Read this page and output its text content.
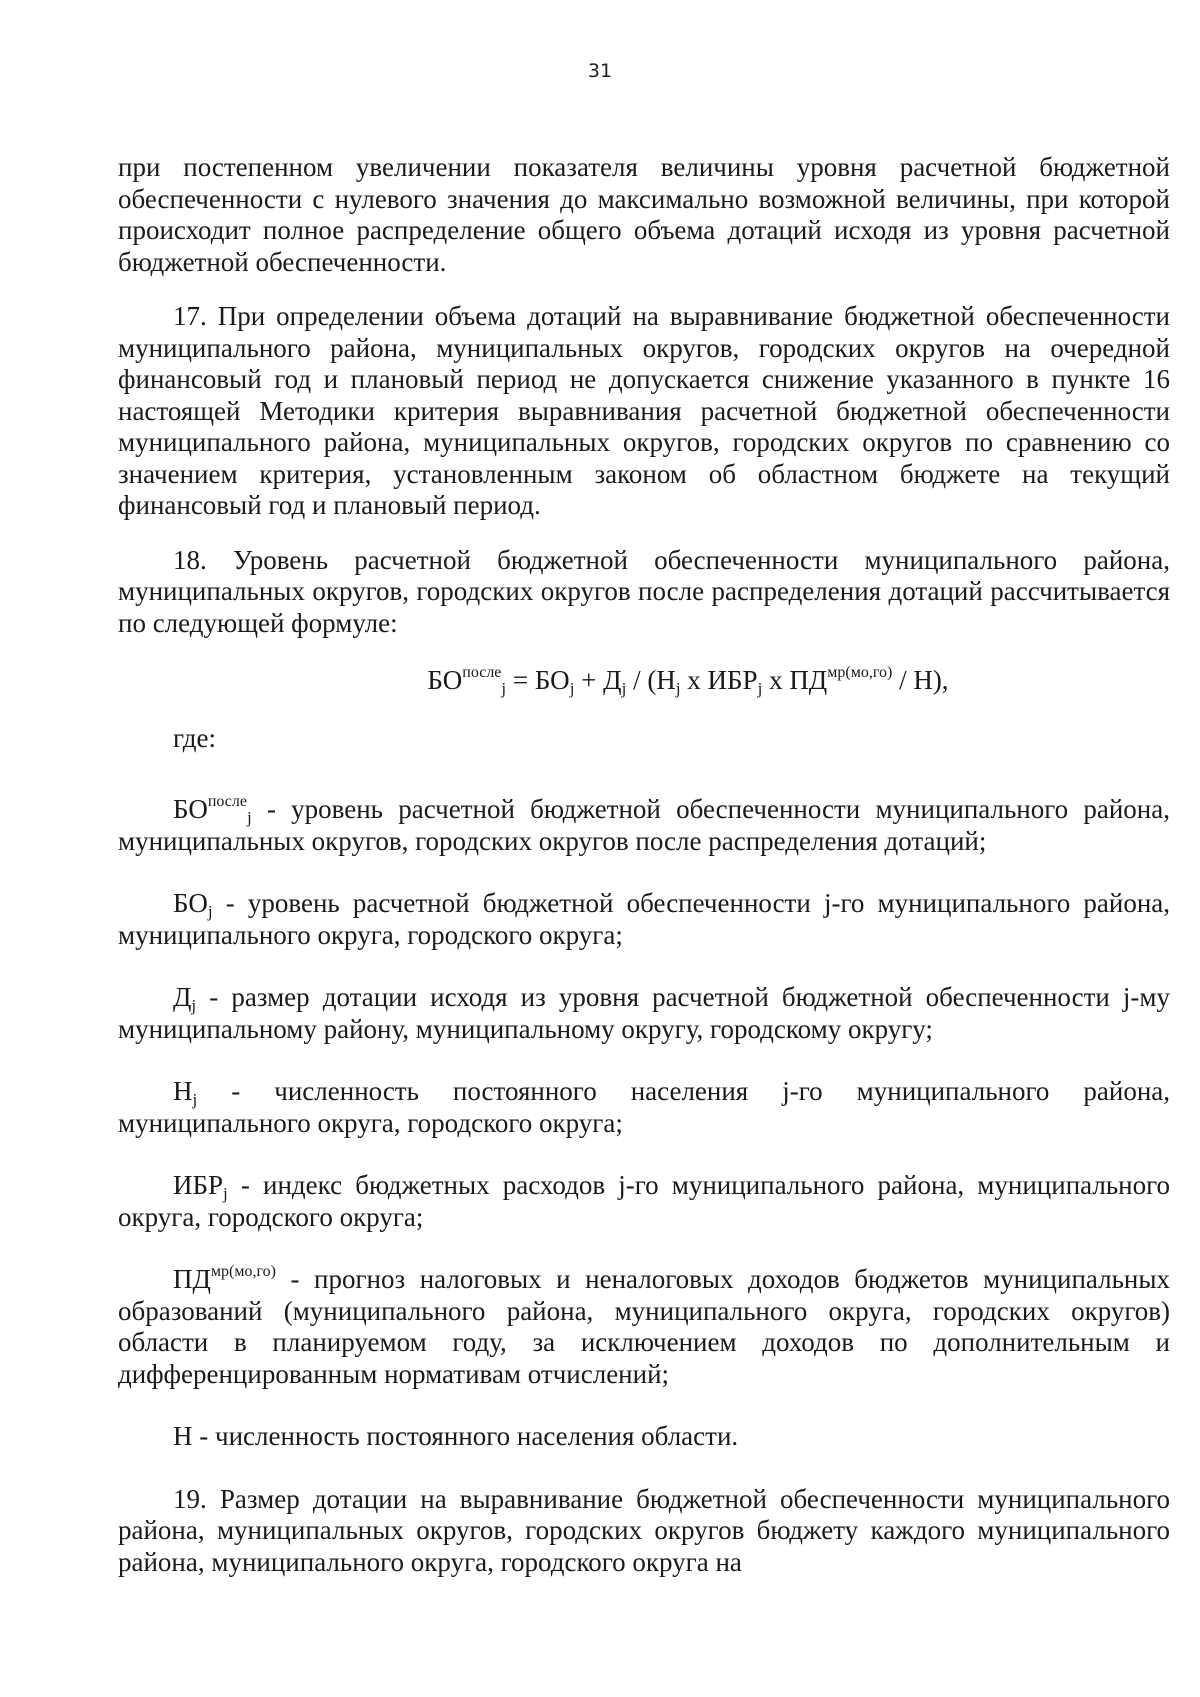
31

при постепенном увеличении показателя величины уровня расчетной бюджетной обеспеченности с нулевого значения до максимально возможной величины, при которой происходит полное распределение общего объема дотаций исходя из уровня расчетной бюджетной обеспеченности.

17. При определении объема дотаций на выравнивание бюджетной обеспеченности муниципального района, муниципальных округов, городских округов на очередной финансовый год и плановый период не допускается снижение указанного в пункте 16 настоящей Методики критерия выравнивания расчетной бюджетной обеспеченности муниципального района, муниципальных округов, городских округов по сравнению со значением критерия, установленным законом об областном бюджете на текущий финансовый год и плановый период.

18. Уровень расчетной бюджетной обеспеченности муниципального района, муниципальных округов, городских округов после распределения дотаций рассчитывается по следующей формуле:

$БО^{после}_j = БО_j + Д_j / (Н_j$ х $ИБР_j$ х $ПД^{мр(мо,го)} / Н$),

где:

$БО^{после}_j$ - уровень расчетной бюджетной обеспеченности муниципального района, муниципальных округов, городских округов после распределения дотаций;

$БО_j$ - уровень расчетной бюджетной обеспеченности j-го муниципального района, муниципального округа, городского округа;

$Д_j$ - размер дотации исходя из уровня расчетной бюджетной обеспеченности j-му муниципальному району, муниципальному округу, городскому округу;

$Н_j$ - численность постоянного населения j-го муниципального района, муниципального округа, городского округа;

$ИБР_j$ - индекс бюджетных расходов j-го муниципального района, муниципального округа, городского округа;

$ПД^{мр(мо,го)}$ - прогноз налоговых и неналоговых доходов бюджетов муниципальных образований (муниципального района, муниципального округа, городских округов) области в планируемом году, за исключением доходов по дополнительным и дифференцированным нормативам отчислений;

Н - численность постоянного населения области.

19. Размер дотации на выравнивание бюджетной обеспеченности муниципального района, муниципальных округов, городских округов бюджету каждого муниципального района, муниципального округа, городского округа на
